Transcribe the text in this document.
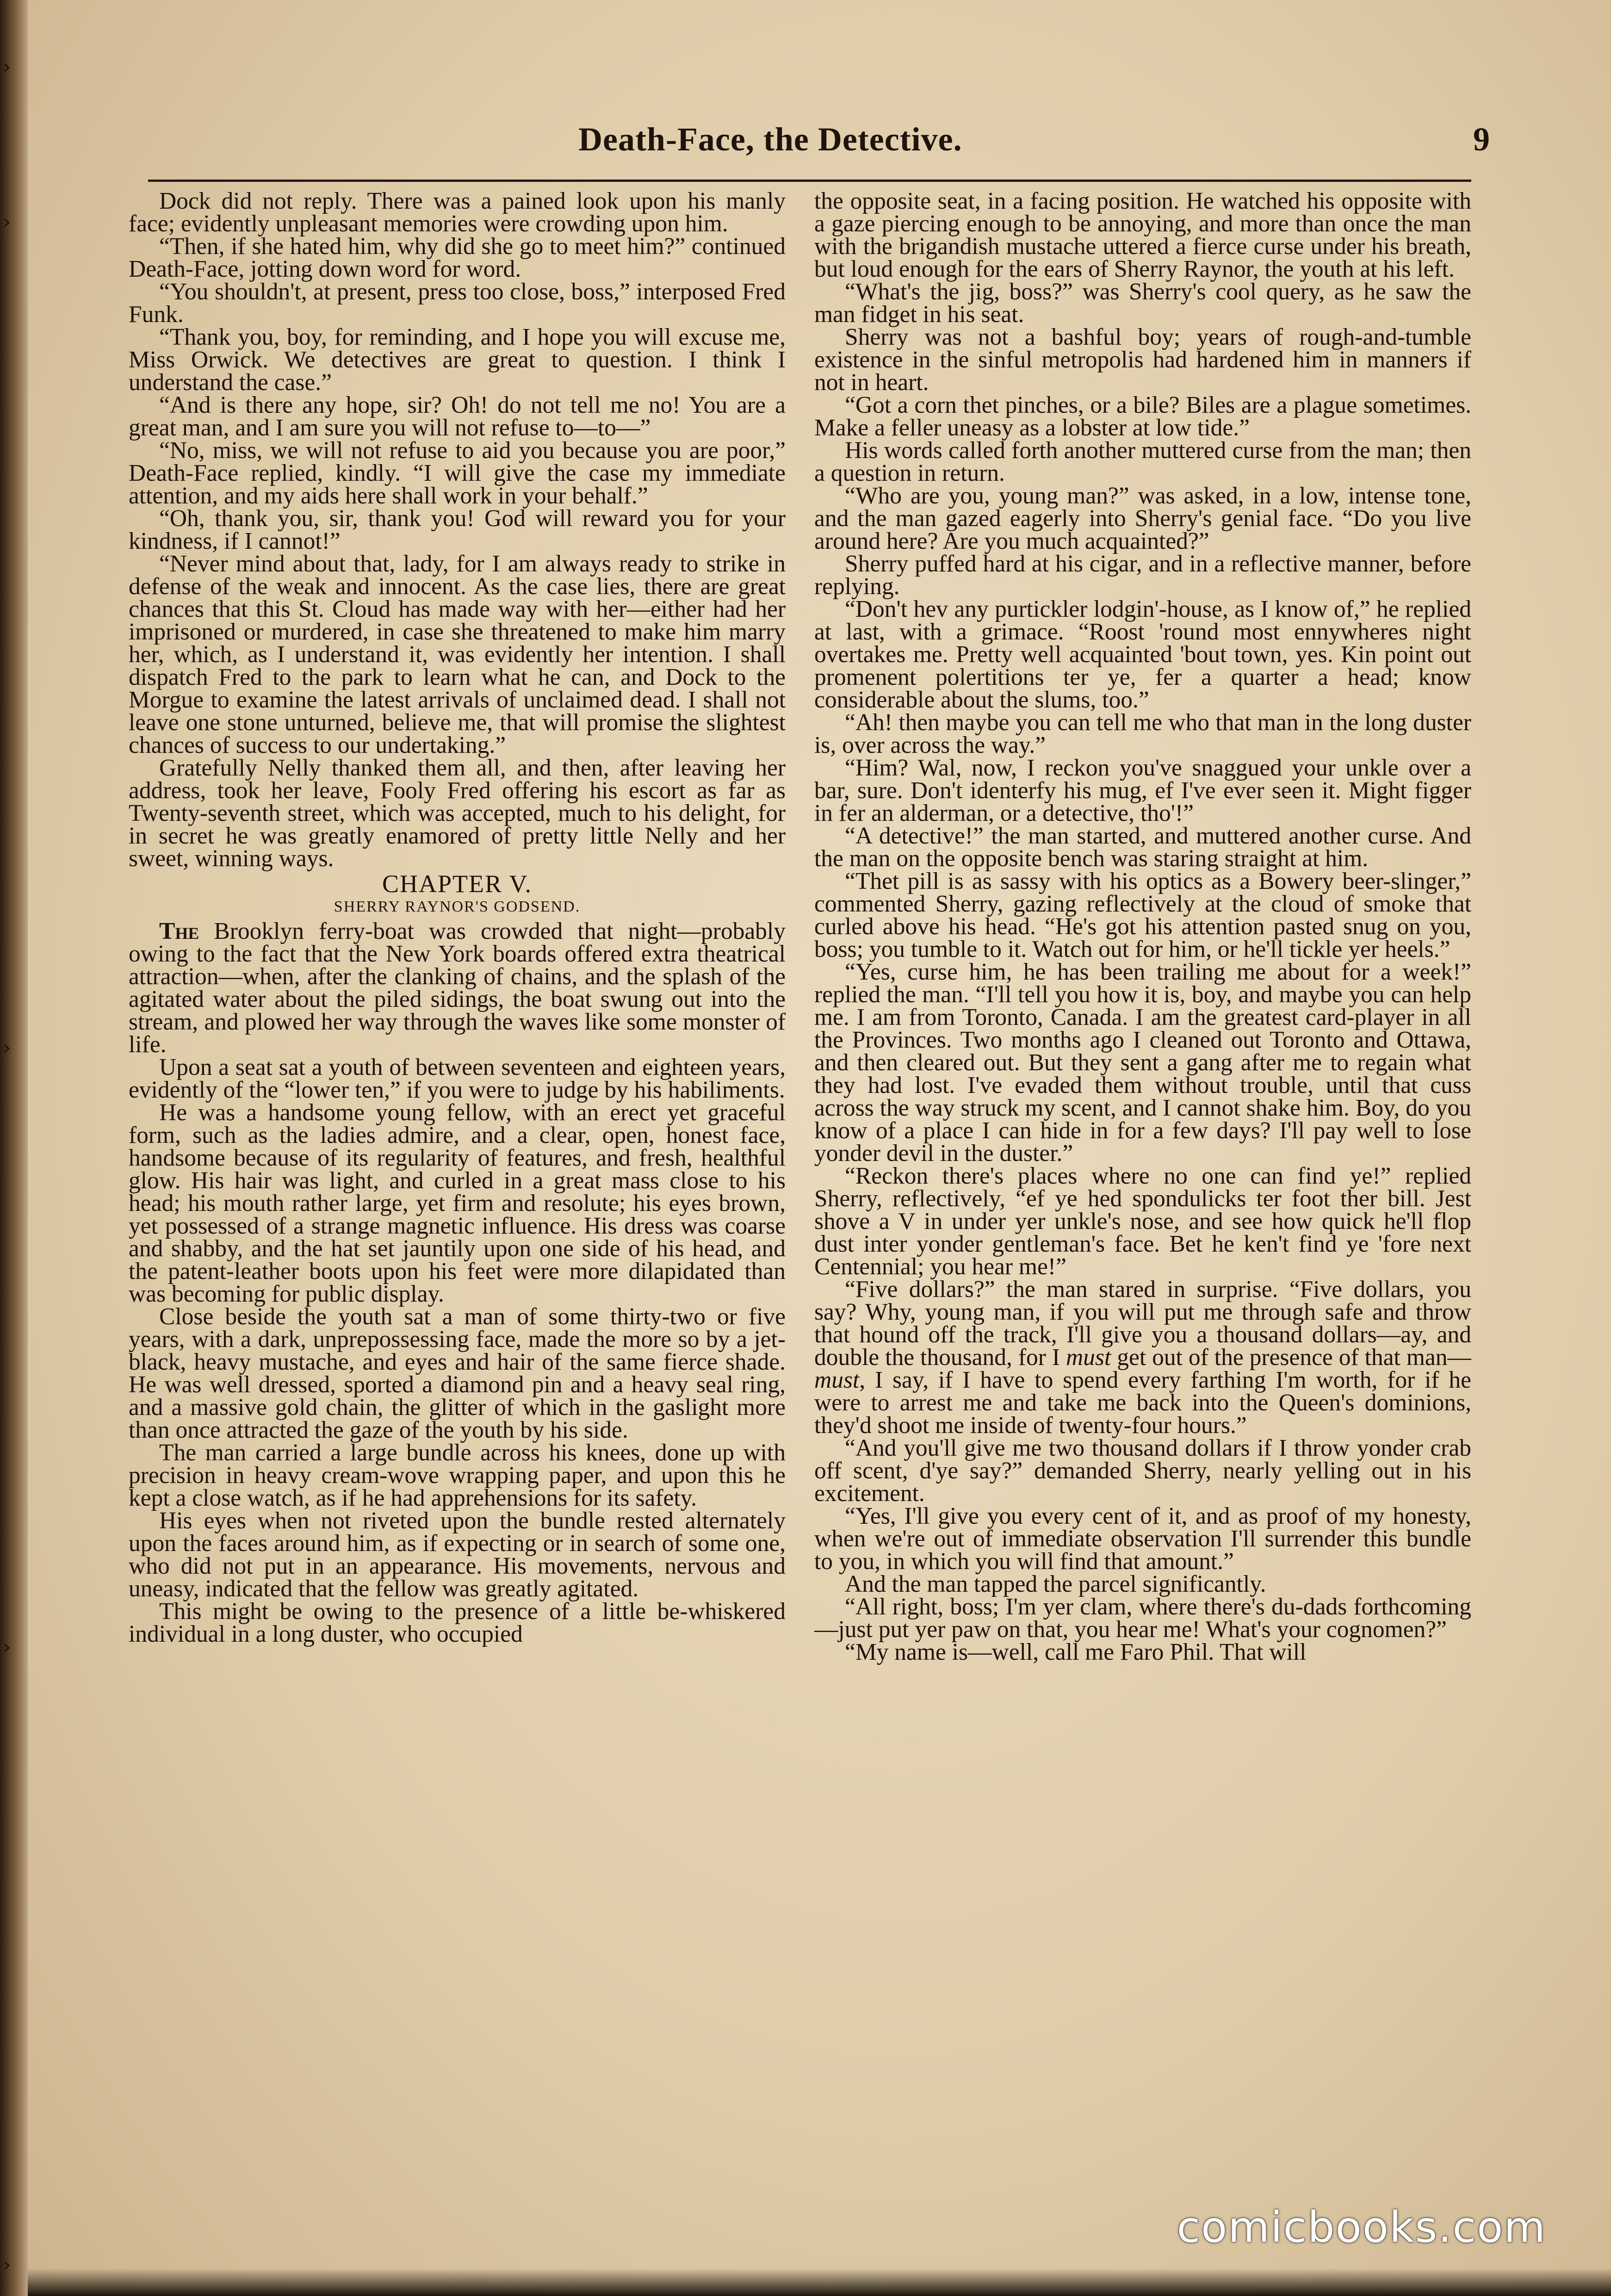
›
›
›
›
›
Death-Face, the Detective.	9

Dock did not reply. There was a pained look upon his manly face; evidently unpleasant memories were crowding upon him.

“Then, if she hated him, why did she go to meet him?” continued Death-Face, jotting down word for word.

“You shouldn't, at present, press too close, boss,” interposed Fred Funk.

“Thank you, boy, for reminding, and I hope you will excuse me, Miss Orwick. We detectives are great to question. I think I understand the case.”

“And is there any hope, sir? Oh! do not tell me no! You are a great man, and I am sure you will not refuse to—to—”

“No, miss, we will not refuse to aid you because you are poor,” Death-Face replied, kindly. “I will give the case my immediate attention, and my aids here shall work in your behalf.”

“Oh, thank you, sir, thank you! God will reward you for your kindness, if I cannot!”

“Never mind about that, lady, for I am always ready to strike in defense of the weak and innocent. As the case lies, there are great chances that this St. Cloud has made way with her—either had her imprisoned or murdered, in case she threatened to make him marry her, which, as I understand it, was evidently her intention. I shall dispatch Fred to the park to learn what he can, and Dock to the Morgue to examine the latest arrivals of unclaimed dead. I shall not leave one stone unturned, believe me, that will promise the slightest chances of success to our undertaking.”

Gratefully Nelly thanked them all, and then, after leaving her address, took her leave, Fooly Fred offering his escort as far as Twenty-seventh street, which was accepted, much to his delight, for in secret he was greatly enamored of pretty little Nelly and her sweet, winning ways.

CHAPTER V.
SHERRY RAYNOR'S GODSEND.

The Brooklyn ferry-boat was crowded that night—probably owing to the fact that the New York boards offered extra theatrical attraction—when, after the clanking of chains, and the splash of the agitated water about the piled sidings, the boat swung out into the stream, and plowed her way through the waves like some monster of life.

Upon a seat sat a youth of between seventeen and eighteen years, evidently of the “lower ten,” if you were to judge by his habiliments.

He was a handsome young fellow, with an erect yet graceful form, such as the ladies admire, and a clear, open, honest face, handsome because of its regularity of features, and fresh, healthful glow. His hair was light, and curled in a great mass close to his head; his mouth rather large, yet firm and resolute; his eyes brown, yet possessed of a strange magnetic influence. His dress was coarse and shabby, and the hat set jauntily upon one side of his head, and the patent-leather boots upon his feet were more dilapidated than was becoming for public display.

Close beside the youth sat a man of some thirty-two or five years, with a dark, unprepossessing face, made the more so by a jet-black, heavy mustache, and eyes and hair of the same fierce shade. He was well dressed, sported a diamond pin and a heavy seal ring, and a massive gold chain, the glitter of which in the gaslight more than once attracted the gaze of the youth by his side.

The man carried a large bundle across his knees, done up with precision in heavy cream-wove wrapping paper, and upon this he kept a close watch, as if he had apprehensions for its safety.

His eyes when not riveted upon the bundle rested alternately upon the faces around him, as if expecting or in search of some one, who did not put in an appearance. His movements, nervous and uneasy, indicated that the fellow was greatly agitated.

This might be owing to the presence of a little be-whiskered individual in a long duster, who occupied

the opposite seat, in a facing position. He watched his opposite with a gaze piercing enough to be annoying, and more than once the man with the brigandish mustache uttered a fierce curse under his breath, but loud enough for the ears of Sherry Raynor, the youth at his left.

“What's the jig, boss?” was Sherry's cool query, as he saw the man fidget in his seat.

Sherry was not a bashful boy; years of rough-and-tumble existence in the sinful metropolis had hardened him in manners if not in heart.

“Got a corn thet pinches, or a bile? Biles are a plague sometimes. Make a feller uneasy as a lobster at low tide.”

His words called forth another muttered curse from the man; then a question in return.

“Who are you, young man?” was asked, in a low, intense tone, and the man gazed eagerly into Sherry's genial face. “Do you live around here? Are you much acquainted?”

Sherry puffed hard at his cigar, and in a reflective manner, before replying.

“Don't hev any purtickler lodgin'-house, as I know of,” he replied at last, with a grimace. “Roost 'round most ennywheres night overtakes me. Pretty well acquainted 'bout town, yes. Kin point out promenent polertitions ter ye, fer a quarter a head; know considerable about the slums, too.”

“Ah! then maybe you can tell me who that man in the long duster is, over across the way.”

“Him? Wal, now, I reckon you've snaggued your unkle over a bar, sure. Don't identerfy his mug, ef I've ever seen it. Might figger in fer an alderman, or a detective, tho'!”

“A detective!” the man started, and muttered another curse. And the man on the opposite bench was staring straight at him.

“Thet pill is as sassy with his optics as a Bowery beer-slinger,” commented Sherry, gazing reflectively at the cloud of smoke that curled above his head. “He's got his attention pasted snug on you, boss; you tumble to it. Watch out for him, or he'll tickle yer heels.”

“Yes, curse him, he has been trailing me about for a week!” replied the man. “I'll tell you how it is, boy, and maybe you can help me. I am from Toronto, Canada. I am the greatest card-player in all the Provinces. Two months ago I cleaned out Toronto and Ottawa, and then cleared out. But they sent a gang after me to regain what they had lost. I've evaded them without trouble, until that cuss across the way struck my scent, and I cannot shake him. Boy, do you know of a place I can hide in for a few days? I'll pay well to lose yonder devil in the duster.”

“Reckon there's places where no one can find ye!” replied Sherry, reflectively, “ef ye hed spondulicks ter foot ther bill. Jest shove a V in under yer unkle's nose, and see how quick he'll flop dust inter yonder gentleman's face. Bet he ken't find ye 'fore next Centennial; you hear me!”

“Five dollars?” the man stared in surprise. “Five dollars, you say? Why, young man, if you will put me through safe and throw that hound off the track, I'll give you a thousand dollars—ay, and double the thousand, for I must get out of the presence of that man—must, I say, if I have to spend every farthing I'm worth, for if he were to arrest me and take me back into the Queen's dominions, they'd shoot me inside of twenty-four hours.”

“And you'll give me two thousand dollars if I throw yonder crab off scent, d'ye say?” demanded Sherry, nearly yelling out in his excitement.

“Yes, I'll give you every cent of it, and as proof of my honesty, when we're out of immediate observation I'll surrender this bundle to you, in which you will find that amount.”

And the man tapped the parcel significantly.

“All right, boss; I'm yer clam, where there's du-dads forthcoming—just put yer paw on that, you hear me! What's your cognomen?”

“My name is—well, call me Faro Phil. That will

comicbooks.com
